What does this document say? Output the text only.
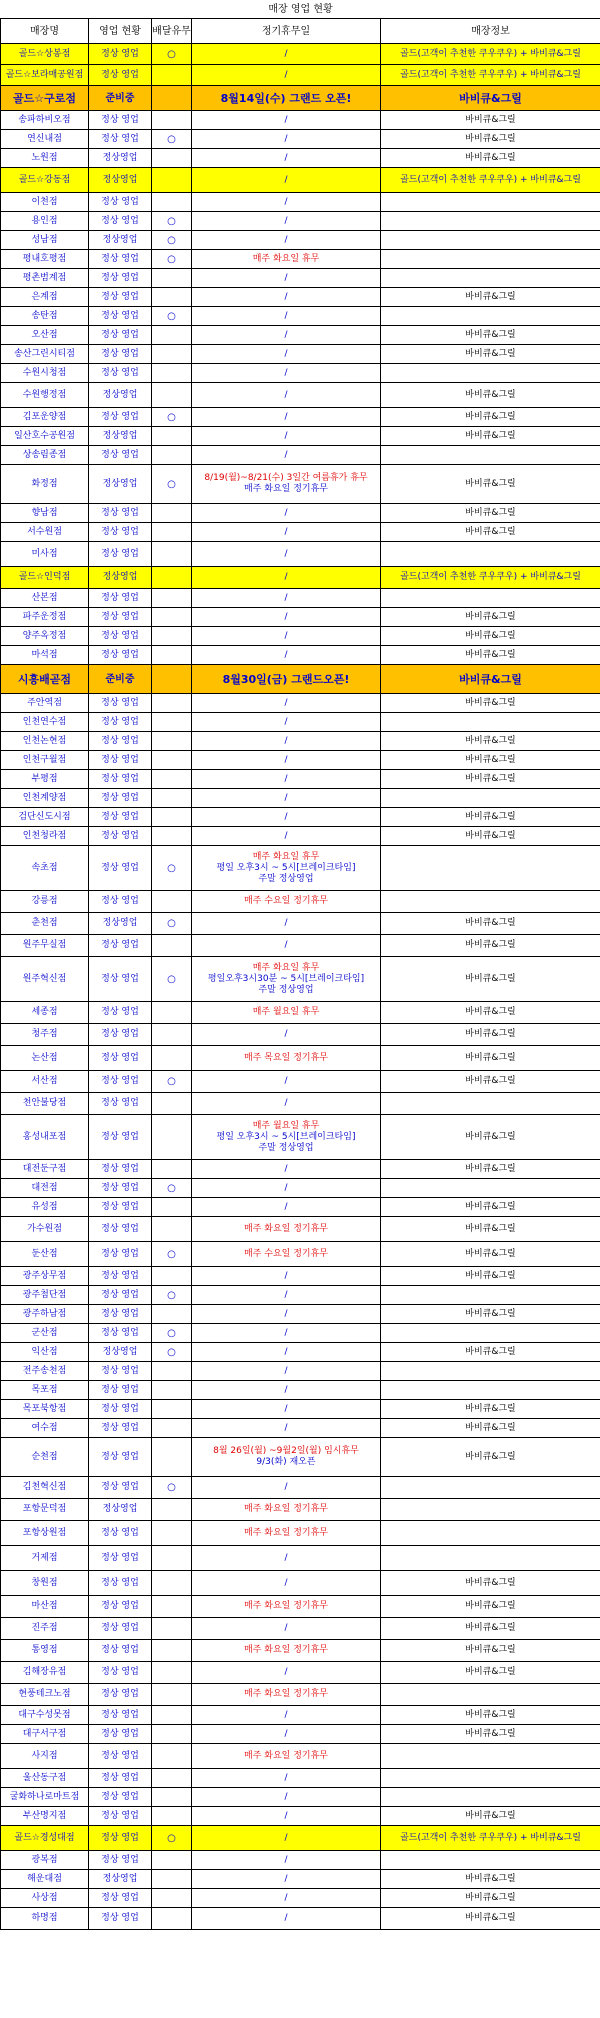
매장 영업 현황				
매장명	영업 현황	배달유무	정기휴무일	매장정보
골드☆상봉점	정상 영업	○	/	골드(고객이 추천한 쿠우쿠우) + 바비큐&그릴
골드☆보라매공원점	정상 영업		/	골드(고객이 추천한 쿠우쿠우) + 바비큐&그릴
골드☆구로점	준비중		8월14일(수) 그랜드 오픈!	바비큐&그릴
송파하비오점	정상 영업		/	바비큐&그릴
연신내점	정상 영업	○	/	바비큐&그릴
노원점	정상영업		/	바비큐&그릴
골드☆강동점	정상영업		/	골드(고객이 추천한 쿠우쿠우) + 바비큐&그릴
이천점	정상 영업		/	

용인점	정상 영업	○	/	

성남점	정상영업	○	/	

평내호평점	정상 영업	○	매주 화요일 휴무	

평촌범계점	정상 영업		/	

은계점	정상 영업		/	바비큐&그릴
송탄점	정상 영업	○	/	

오산점	정상 영업		/	바비큐&그릴
송산그린시티점	정상 영업		/	바비큐&그릴
수원시청점	정상 영업		/	

수원행정점	정상영업		/	바비큐&그릴
김포운양점	정상 영업	○	/	바비큐&그릴
일산호수공원점	정상영업		/	바비큐&그릴
상송림종점	정상 영업		/	

화정점	정상영업	○	8/19(월)~8/21(수) 3일간 여름휴가 휴무
매주 화요일 정기휴무	바비큐&그릴
향남점	정상 영업		/	바비큐&그릴
서수원점	정상 영업		/	바비큐&그릴
미사점	정상 영업		/	

골드☆인덕점	정상영업		/	골드(고객이 추천한 쿠우쿠우) + 바비큐&그릴
산본점	정상 영업		/	

파주운정점	정상 영업		/	바비큐&그릴
양주옥정점	정상 영업		/	바비큐&그릴
마석점	정상 영업		/	바비큐&그릴
시흥배곧점	준비중		8월30일(금) 그랜드오픈!	바비큐&그릴
주안역점	정상 영업		/	바비큐&그릴
인천연수점	정상 영업		/	

인천논현점	정상 영업		/	바비큐&그릴
인천구월점	정상 영업		/	바비큐&그릴
부평점	정상 영업		/	바비큐&그릴
인천계양점	정상 영업		/	

검단신도시점	정상 영업		/	바비큐&그릴
인천청라점	정상 영업		/	바비큐&그릴
속초점	정상 영업	○	매주 화요일 휴무
평일 오후3시 ~ 5시[브레이크타임]
주말 정상영업	

강릉점	정상 영업		매주 수요일 정기휴무	

춘천점	정상영업	○	/	바비큐&그릴
원주무실점	정상 영업		/	바비큐&그릴
원주혁신점	정상 영업	○	매주 화요일 휴무
평일오후3시30분 ~ 5시[브레이크타임]
주말 정상영업	바비큐&그릴
세종점	정상 영업		매주 월요일 휴무	바비큐&그릴
청주점	정상 영업		/	바비큐&그릴
논산점	정상 영업		매주 목요일 정기휴무	바비큐&그릴
서산점	정상 영업	○	/	바비큐&그릴
천안불당점	정상 영업		/	

홍성내포점	정상 영업		매주 월요일 휴무
평일 오후3시 ~ 5시[브레이크타임]
주말 정상영업	바비큐&그릴
대전둔구점	정상 영업		/	바비큐&그릴
대전점	정상 영업	○	/	

유성점	정상 영업		/	바비큐&그릴
가수원점	정상 영업		매주 화요일 정기휴무	바비큐&그릴
둔산점	정상 영업	○	매주 수요일 정기휴무	바비큐&그릴
광주상무점	정상 영업		/	바비큐&그릴
광주첨단점	정상 영업	○	/	

광주하남점	정상 영업		/	바비큐&그릴
군산점	정상 영업	○	/	

익산점	정상영업	○	/	바비큐&그릴
전주송천점	정상 영업		/	

목포점	정상 영업		/	

목포북항점	정상 영업		/	바비큐&그릴
여수점	정상 영업		/	바비큐&그릴
순천점	정상 영업		8월 26일(월) ~9월2일(월) 임시휴무
9/3(화) 재오픈	바비큐&그릴
김천혁신점	정상 영업	○	/	

포항문덕점	정상영업		매주 화요일 정기휴무	

포항상원점	정상 영업		매주 화요일 정기휴무	

거제점	정상 영업		/	

창원점	정상 영업		/	바비큐&그릴
마산점	정상 영업		매주 화요일 정기휴무	바비큐&그릴
진주점	정상 영업		/	바비큐&그릴
통영점	정상 영업		매주 화요일 정기휴무	바비큐&그릴
김해장유점	정상 영업		/	바비큐&그릴
현풍테크노점	정상 영업		매주 화요일 정기휴무	

대구수성못점	정상 영업		/	바비큐&그릴
대구서구점	정상 영업		/	바비큐&그릴
사지점	정상 영업		매주 화요일 정기휴무	

울산동구점	정상 영업		/	

굴화하나로마트점	정상 영업		/	

부산명지점	정상 영업		/	바비큐&그릴
골드☆경성대점	정상 영업	○	/	골드(고객이 추천한 쿠우쿠우) + 바비큐&그릴
광복점	정상 영업		/	

해운대점	정상영업		/	바비큐&그릴
사상점	정상 영업		/	바비큐&그릴
하명점	정상 영업		/	바비큐&그릴
